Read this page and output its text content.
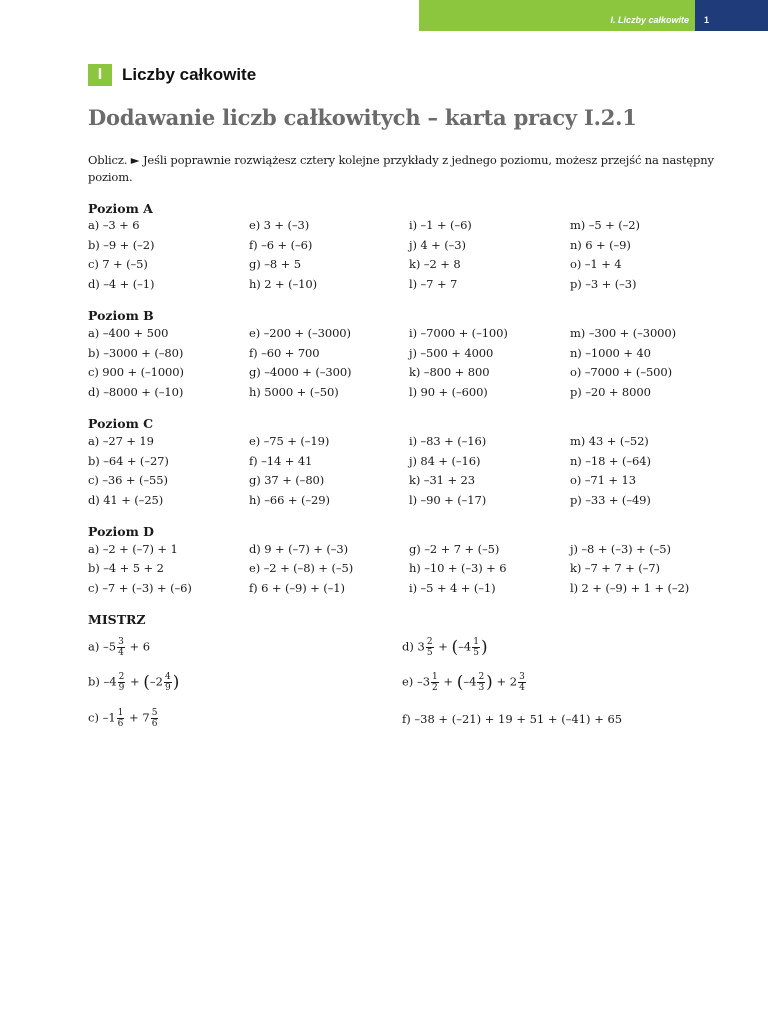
I. Liczby całkowite 1
I	Liczby całkowite
Dodawanie liczb całkowitych – karta pracy I.2.1
Oblicz. ► Jeśli poprawnie rozwiążesz cztery kolejne przykłady z jednego poziomu, możesz przejść na następny poziom.
Poziom A
a) –3 + 6
b) –9 + (–2)
c) 7 + (–5)
d) –4 + (–1)
e) 3 + (–3)
f) –6 + (–6)
g) –8 + 5
h) 2 + (–10)
i) –1 + (–6)
j) 4 + (–3)
k) –2 + 8
l) –7 + 7
m) –5 + (–2)
n) 6 + (–9)
o) –1 + 4
p) –3 + (–3)
Poziom B
a) –400 + 500
b) –3000 + (–80)
c) 900 + (–1000)
d) –8000 + (–10)
e) –200 + (–3000)
f) –60 + 700
g) –4000 + (–300)
h) 5000 + (–50)
i) –7000 + (–100)
j) –500 + 4000
k) –800 + 800
l) 90 + (–600)
m) –300 + (–3000)
n) –1000 + 40
o) –7000 + (–500)
p) –20 + 8000
Poziom C
a) –27 + 19
b) –64 + (–27)
c) –36 + (–55)
d) 41 + (–25)
e) –75 + (–19)
f) –14 + 41
g) 37 + (–80)
h) –66 + (–29)
i) –83 + (–16)
j) 84 + (–16)
k) –31 + 23
l) –90 + (–17)
m) 43 + (–52)
n) –18 + (–64)
o) –71 + 13
p) –33 + (–49)
Poziom D
a) –2 + (–7) + 1
b) –4 + 5 + 2
c) –7 + (–3) + (–6)
d) 9 + (–7) + (–3)
e) –2 + (–8) + (–5)
f) 6 + (–9) + (–1)
g) –2 + 7 + (–5)
h) –10 + (–3) + 6
i) –5 + 4 + (–1)
j) –8 + (–3) + (–5)
k) –7 + 7 + (–7)
l) 2 + (–9) + 1 + (–2)
MISTRZ
a) $-5 \frac{3}{4} + 6$
b) $-4 \frac{2}{9} + (-2 \frac{4}{9}$ )
c) $-1 \frac{1}{6} + 7 \frac{5}{6}$
d) $3 \frac{2}{5} + (-4 \frac{1}{5}$ )
e) $-3 \frac{1}{2} + (-4 \frac{2}{3}$ ) + $2 \frac{3}{4}$
f) –38 + (–21) + 19 + 51 + (–41) + 65
